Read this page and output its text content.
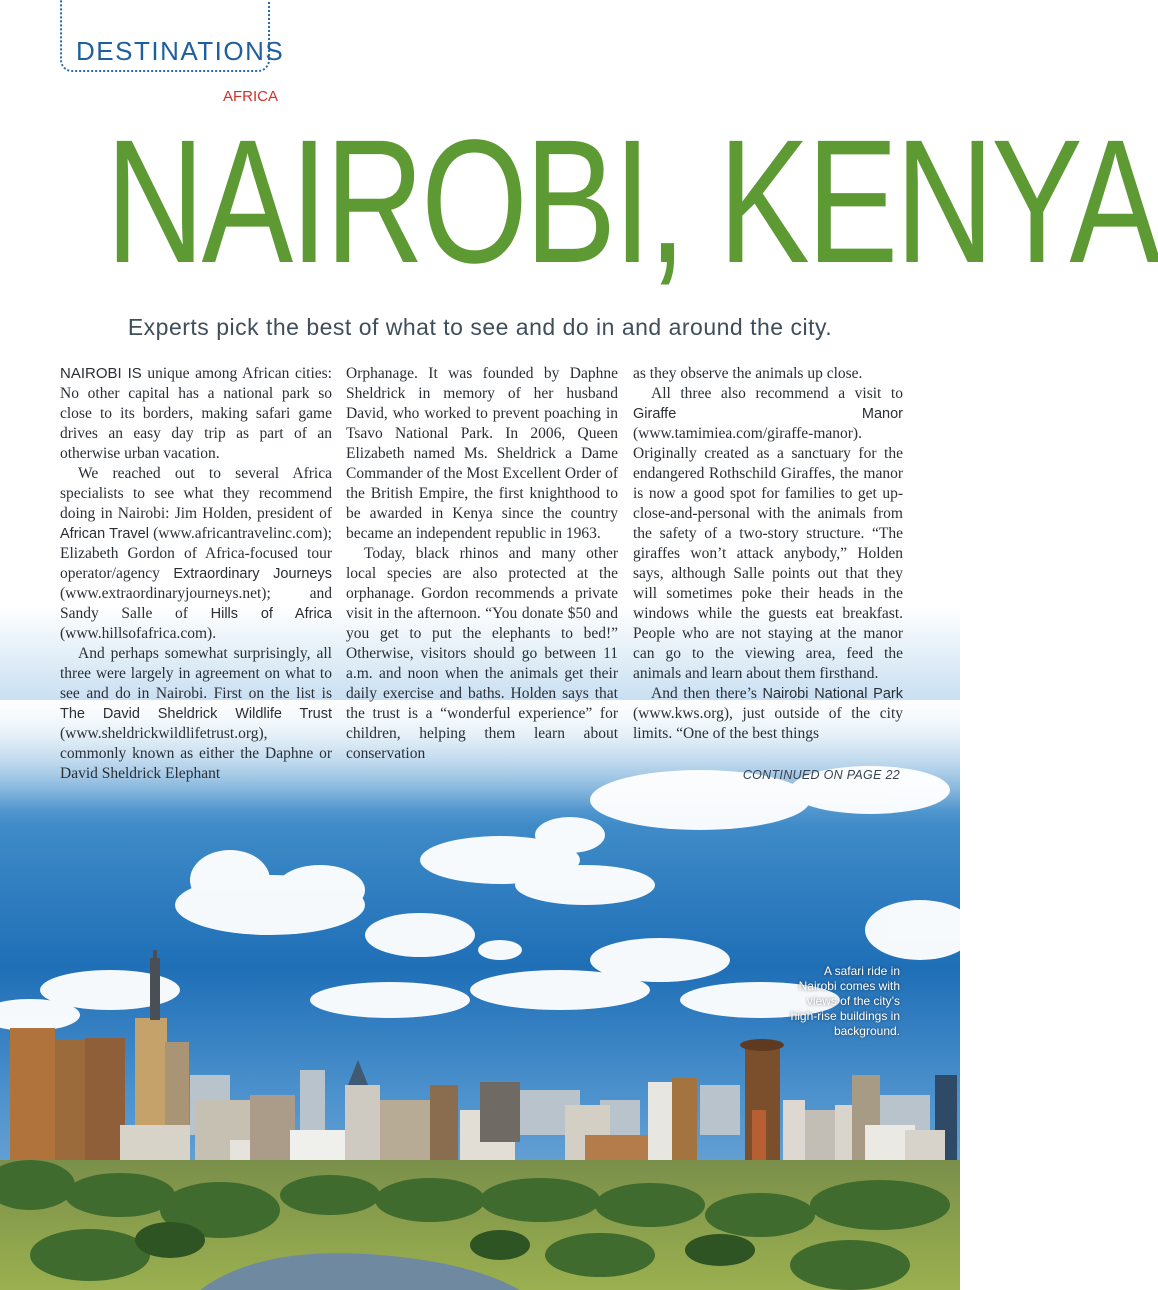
DESTINATIONS
AFRICA
NAIROBI, KENYA
Experts pick the best of what to see and do in and around the city.

NAIROBI IS unique among African cities: No other capital has a national park so close to its borders, making safari game drives an easy day trip as part of an otherwise urban vacation.

We reached out to several Africa specialists to see what they recommend doing in Nairobi: Jim Holden, president of African Travel (www.africantravelinc.com); Elizabeth Gordon of Africa-focused tour operator/agency Extraordinary Journeys (www.extraordinaryjourneys.net); and Sandy Salle of Hills of Africa (www.hillsofafrica.com).

And perhaps somewhat surprisingly, all three were largely in agreement on what to see and do in Nairobi. First on the list is The David Sheldrick Wildlife Trust (www.sheldrickwildlifetrust.org), commonly known as either the Daphne or David Sheldrick Elephant

Orphanage. It was founded by Daphne Sheldrick in memory of her husband David, who worked to prevent poaching in Tsavo National Park. In 2006, Queen Elizabeth named Ms. Sheldrick a Dame Commander of the Most Excellent Order of the British Empire, the first knighthood to be awarded in Kenya since the country became an independent republic in 1963.

Today, black rhinos and many other local species are also protected at the orphanage. Gordon recommends a private visit in the afternoon. “You donate $50 and you get to put the elephants to bed!” Otherwise, visitors should go between 11 a.m. and noon when the animals get their daily exercise and baths. Holden says that the trust is a “wonderful experience” for children, helping them learn about conservation

as they observe the animals up close.

All three also recommend a visit to Giraffe Manor (www.tamimiea.com/giraffe-manor). Originally created as a sanctuary for the endangered Rothschild Giraffes, the manor is now a good spot for families to get up-close-and-personal with the animals from the safety of a two-story structure. “The giraffes won’t attack anybody,” Holden says, although Salle points out that they will sometimes poke their heads in the windows while the guests eat breakfast. People who are not staying at the manor can go to the viewing area, feed the animals and learn about them firsthand.

And then there’s Nairobi National Park (www.kws.org), just outside of the city limits. “One of the best things

CONTINUED ON PAGE 22
A safari ride in Nairobi comes with views of the city’s high-rise buildings in background.
